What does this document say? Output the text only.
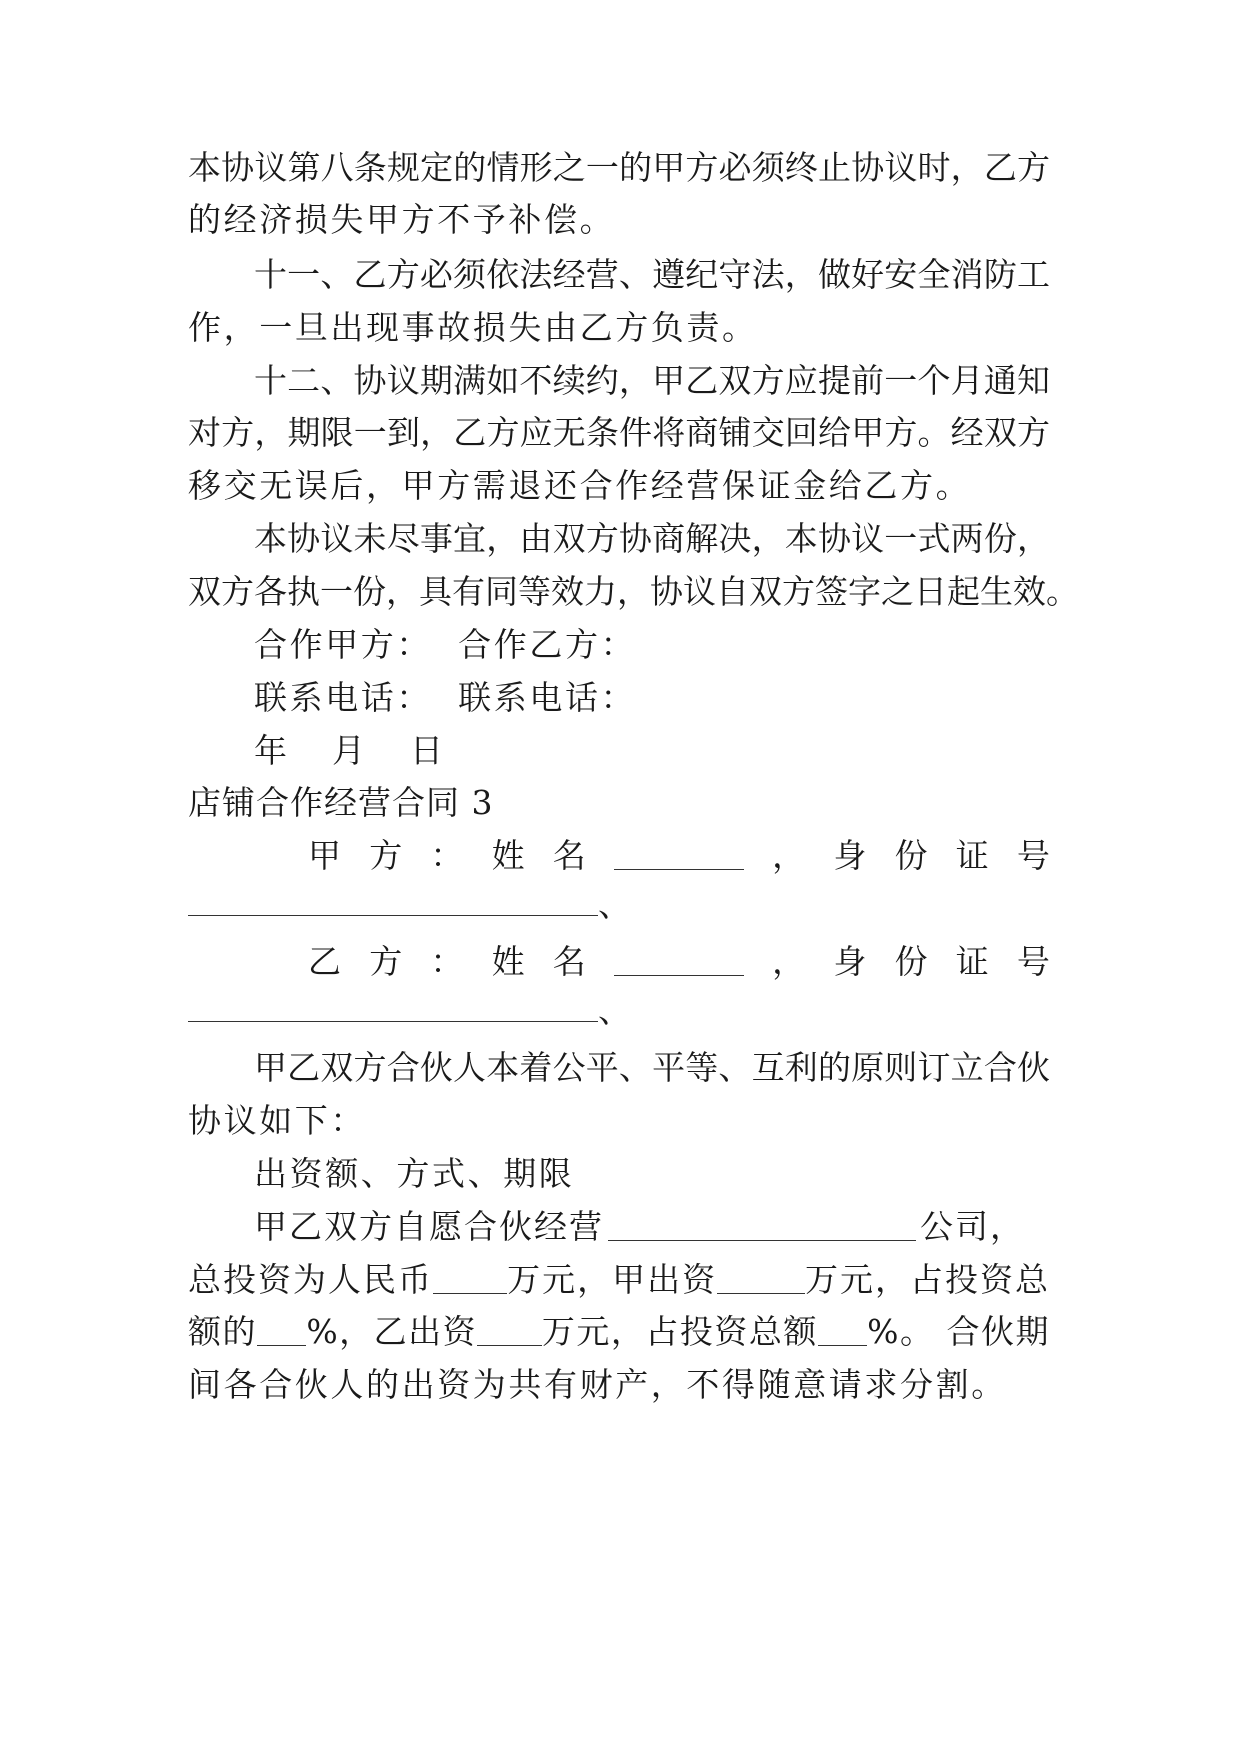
本协议第八条规定的情形之一的甲方必须终止协议时，乙方
的经济损失甲方不予补偿。
十一、乙方必须依法经营、遵纪守法，做好安全消防工
作，一旦出现事故损失由乙方负责。
十二、协议期满如不续约，甲乙双方应提前一个月通知
对方，期限一到，乙方应无条件将商铺交回给甲方。经双方
移交无误后，甲方需退还合作经营保证金给乙方。
本协议未尽事宜，由双方协商解决，本协议一式两份，
双方各执一份，具有同等效力，协议自双方签字之日起生效。
合作甲方：  合作乙方：
联系电话：  联系电话：
年  月  日
店铺合作经营合同 3
甲 方 ： 姓 名	， 身 份 证 号
、
乙 方 ： 姓 名	， 身 份 证 号
、
甲乙双方合伙人本着公平、平等、互利的原则订立合伙
协议如下：
出资额、方式、期限
甲乙双方自愿合伙经营	公司，
总投资为人民币 万元，甲出资	万元，占投资总
额的 %，乙出资 万元，占投资总额 %。 合伙期
间各合伙人的出资为共有财产，不得随意请求分割。
